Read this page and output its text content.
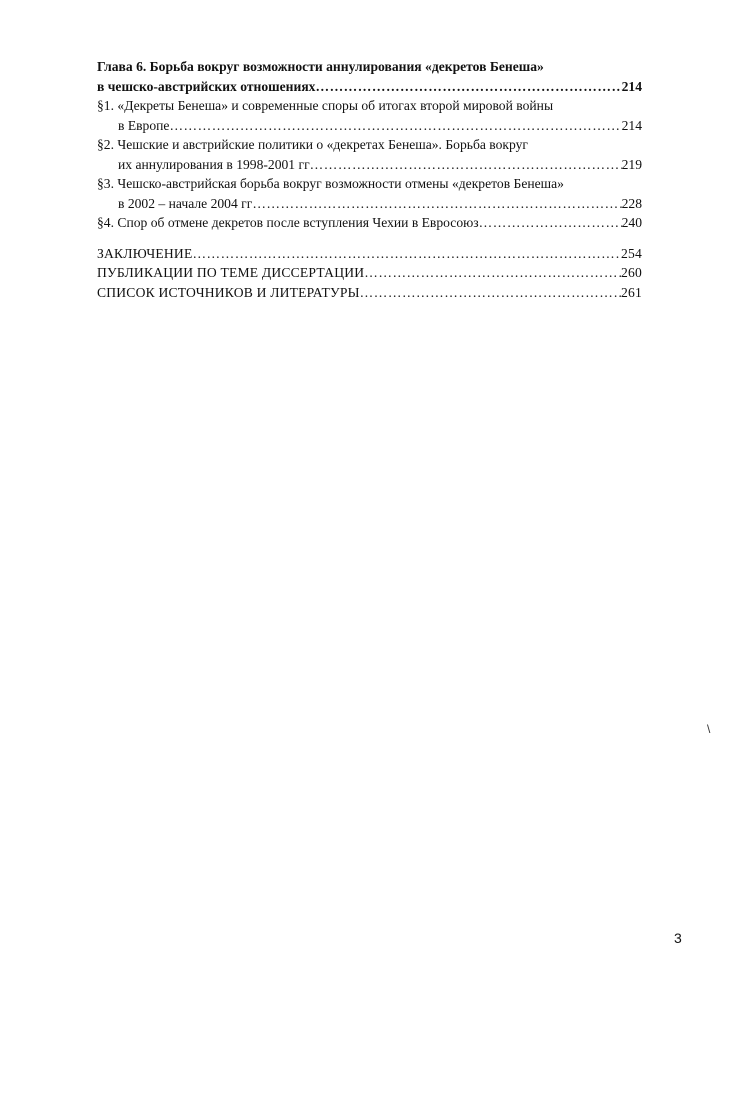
Глава 6. Борьба вокруг возможности аннулирования «декретов Бенеша»
в чешско-австрийских отношениях …………………………………………………………………………………………………………………………………………………………………………………………	214
§1. «Декреты Бенеша» и современные споры об итогах второй мировой войны
в Европе …………………………………………………………………………………………………………………………………………………………………………………………	214
§2. Чешские и австрийские политики о «декретах Бенеша». Борьба вокруг
их аннулирования в 1998-2001 гг …………………………………………………………………………………………………………………………………………………………………………………………	219
§3. Чешско-австрийская борьба вокруг возможности отмены «декретов Бенеша»
в 2002 – начале 2004 гг …………………………………………………………………………………………………………………………………………………………………………………………	228
§4. Спор об отмене декретов после вступления Чехии в Евросоюз …………………………………………………………………………………………………………………………………………………………………………………………	240
ЗАКЛЮЧЕНИЕ …………………………………………………………………………………………………………………………………………………………………………………………	254
ПУБЛИКАЦИИ ПО ТЕМЕ ДИССЕРТАЦИИ …………………………………………………………………………………………………………………………………………………………………………………………	260
СПИСОК ИСТОЧНИКОВ И ЛИТЕРАТУРЫ …………………………………………………………………………………………………………………………………………………………………………………………	261
\
3
